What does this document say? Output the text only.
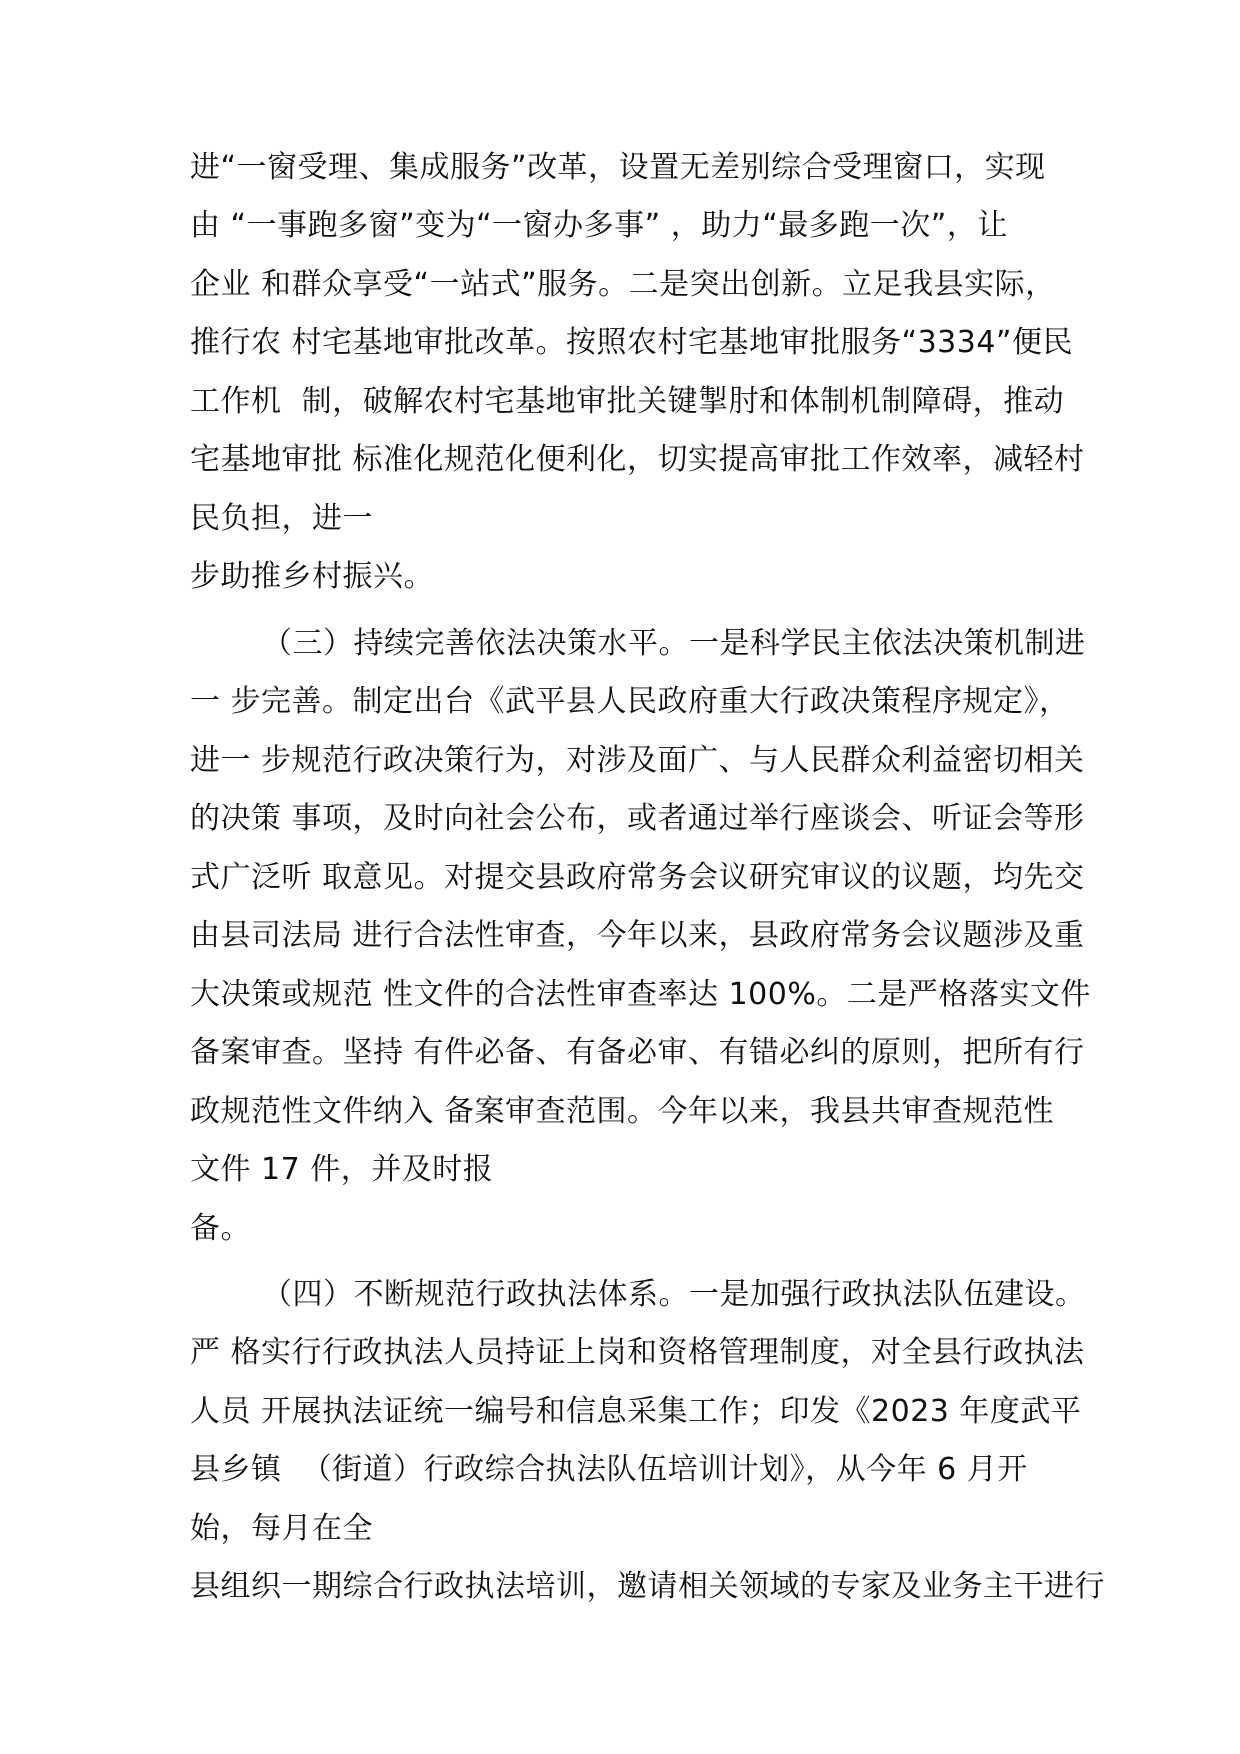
进“一窗受理、集成服务”改革，设置无差别综合受理窗口，实现

由 “一事跑多窗”变为“一窗办多事” ，助力“最多跑一次”，让

企业 和群众享受“一站式”服务。二是突出创新。立足我县实际，

推行农 村宅基地审批改革。按照农村宅基地审批服务“3334”便民

工作机  制，破解农村宅基地审批关键掣肘和体制机制障碍，推动

宅基地审批 标准化规范化便利化，切实提高审批工作效率，减轻村

民负担，进一

步助推乡村振兴。

（三）持续完善依法决策水平。一是科学民主依法决策机制进

一 步完善。制定出台《武平县人民政府重大行政决策程序规定》，

进一 步规范行政决策行为，对涉及面广、与人民群众利益密切相关

的决策 事项，及时向社会公布，或者通过举行座谈会、听证会等形

式广泛听 取意见。对提交县政府常务会议研究审议的议题，均先交

由县司法局 进行合法性审查，今年以来，县政府常务会议题涉及重

大决策或规范 性文件的合法性审查率达 100%。二是严格落实文件

备案审查。坚持 有件必备、有备必审、有错必纠的原则，把所有行

政规范性文件纳入 备案审查范围。今年以来，我县共审查规范性

文件 17 件，并及时报

备。

（四）不断规范行政执法体系。一是加强行政执法队伍建设。

严 格实行行政执法人员持证上岗和资格管理制度，对全县行政执法

人员 开展执法证统一编号和信息采集工作；印发《2023 年度武平

县乡镇  （街道）行政综合执法队伍培训计划》，从今年 6 月开

始，每月在全

县组织一期综合行政执法培训，邀请相关领域的专家及业务主干进行
